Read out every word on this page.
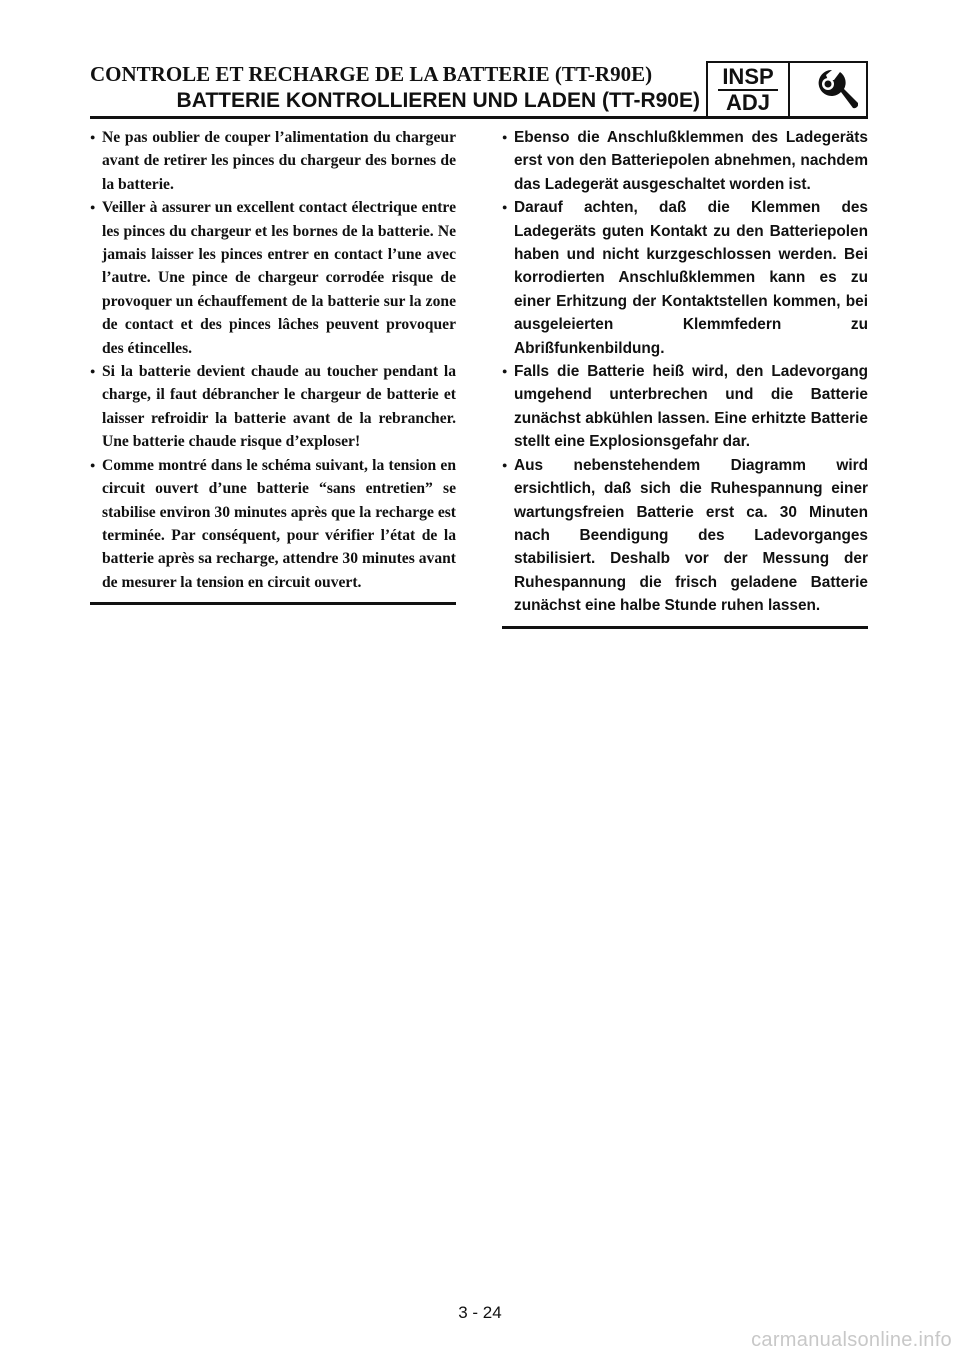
CONTROLE ET RECHARGE DE LA BATTERIE (TT-R90E)
BATTERIE KONTROLLIEREN UND LADEN (TT-R90E)
INSP
ADJ

● Ne pas oublier de couper l’alimentation du chargeur avant de retirer les pinces du chargeur des bornes de la batterie.

● Veiller à assurer un excellent contact électrique entre les pinces du chargeur et les bornes de la batterie. Ne jamais laisser les pinces entrer en contact l’une avec l’autre. Une pince de chargeur corrodée risque de provoquer un échauffement de la batterie sur la zone de contact et des pinces lâches peuvent provoquer des étincelles.

● Si la batterie devient chaude au toucher pendant la charge, il faut débrancher le chargeur de batterie et laisser refroidir la batterie avant de la rebrancher. Une batterie chaude risque d’exploser!

● Comme montré dans le schéma suivant, la tension en circuit ouvert d’une batterie “sans entretien” se stabilise environ 30 minutes après que la recharge est terminée. Par conséquent, pour vérifier l’état de la batterie après sa recharge, attendre 30 minutes avant de mesurer la tension en circuit ouvert.

● Ebenso die Anschlußklemmen des Ladegeräts erst von den Batteriepolen abnehmen, nachdem das Ladegerät ausgeschaltet worden ist.

● Darauf achten, daß die Klemmen des Ladegeräts guten Kontakt zu den Batteriepolen haben und nicht kurzgeschlossen werden. Bei korrodierten Anschlußklemmen kann es zu einer Erhitzung der Kontaktstellen kommen, bei ausgeleierten Klemmfedern zu Abrißfunkenbildung.

● Falls die Batterie heiß wird, den Ladevorgang umgehend unterbrechen und die Batterie zunächst abkühlen lassen. Eine erhitzte Batterie stellt eine Explosionsgefahr dar.

● Aus nebenstehendem Diagramm wird ersichtlich, daß sich die Ruhespannung einer wartungsfreien Batterie erst ca. 30 Minuten nach Beendigung des Ladevorganges stabilisiert. Deshalb vor der Messung der Ruhespannung die frisch geladene Batterie zunächst eine halbe Stunde ruhen lassen.

3 - 24
carmanualsonline.info
